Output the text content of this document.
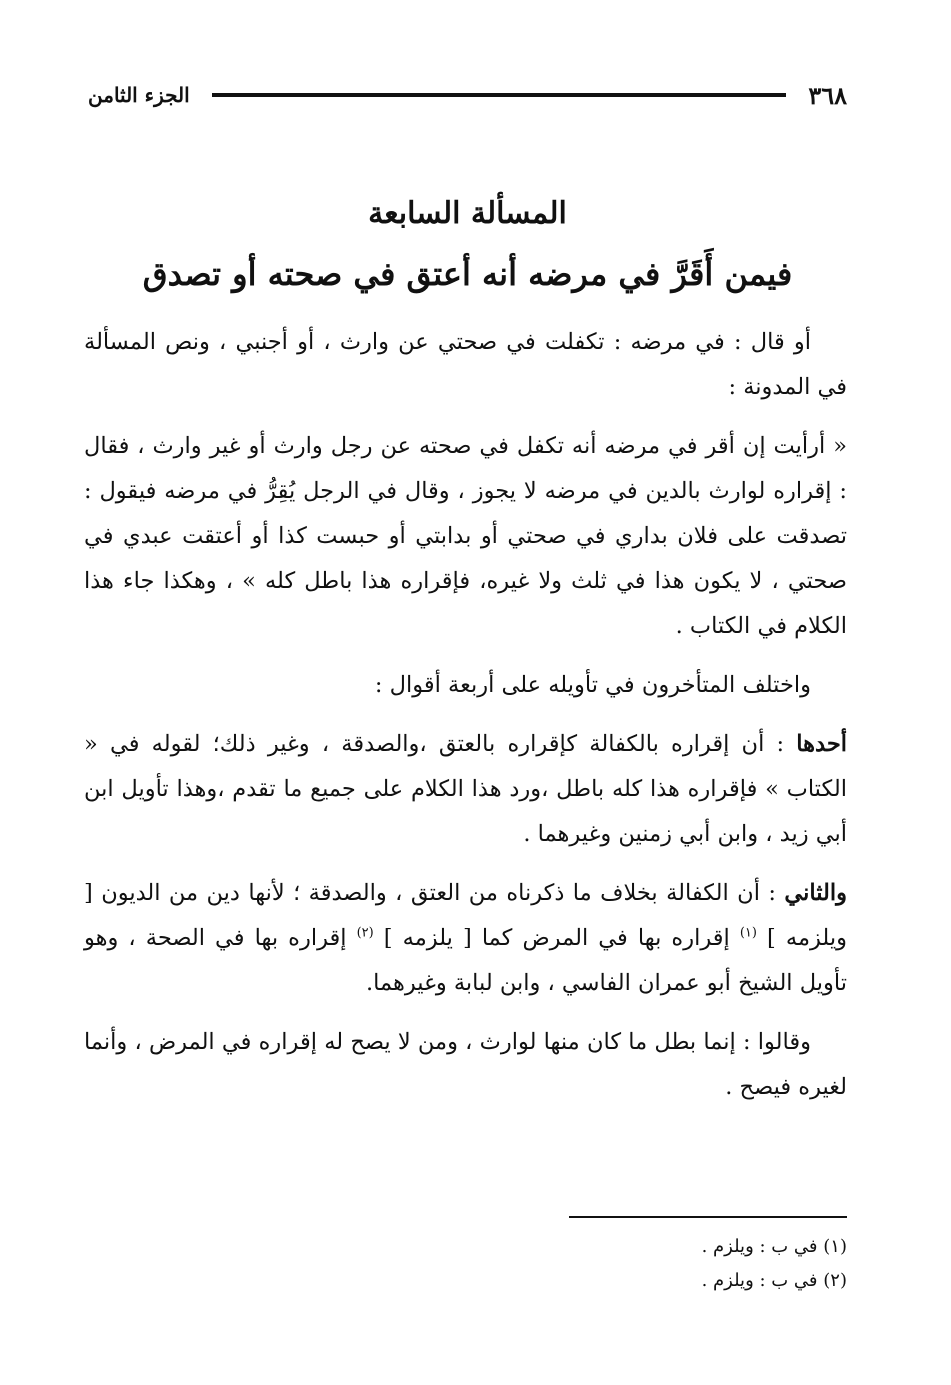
٣٦٨
الجزء الثامن
المسألة السابعة
فيمن أَقَرَّ في مرضه أنه أعتق في صحته أو تصدق

أو قال : في مرضه : تكفلت في صحتي عن وارث ، أو أجنبي ، ونص المسألة في المدونة :

« أرأيت إن أقر في مرضه أنه تكفل في صحته عن رجل وارث أو غير وارث ، فقال : إقراره لوارث بالدين في مرضه لا يجوز ، وقال في الرجل يُقِرُّ في مرضه فيقول : تصدقت على فلان بداري في صحتي أو بدابتي أو حبست كذا أو أعتقت عبدي في صحتي ، لا يكون هذا في ثلث ولا غيره، فإقراره هذا باطل كله » ، وهكذا جاء هذا الكلام في الكتاب .

واختلف المتأخرون في تأويله على أربعة أقوال :

أحدها : أن إقراره بالكفالة كإقراره بالعتق ،والصدقة ، وغير ذلك؛ لقوله في « الكتاب » فإقراره هذا كله باطل ،ورد هذا الكلام على جميع ما تقدم ،وهذا تأويل ابن أبي زيد ، وابن أبي زمنين وغيرهما .

والثاني : أن الكفالة بخلاف ما ذكرناه من العتق ، والصدقة ؛ لأنها دين من الديون [ ويلزمه ] $^{(١)}$ إقراره بها في المرض كما [ يلزمه ] $^{(٢)}$ إقراره بها في الصحة ، وهو تأويل الشيخ أبو عمران الفاسي ، وابن لبابة وغيرهما.

وقالوا : إنما بطل ما كان منها لوارث ، ومن لا يصح له إقراره في المرض ، وأنما لغيره فيصح .

(١) في ب : ويلزم .
(٢) في ب : ويلزم .
